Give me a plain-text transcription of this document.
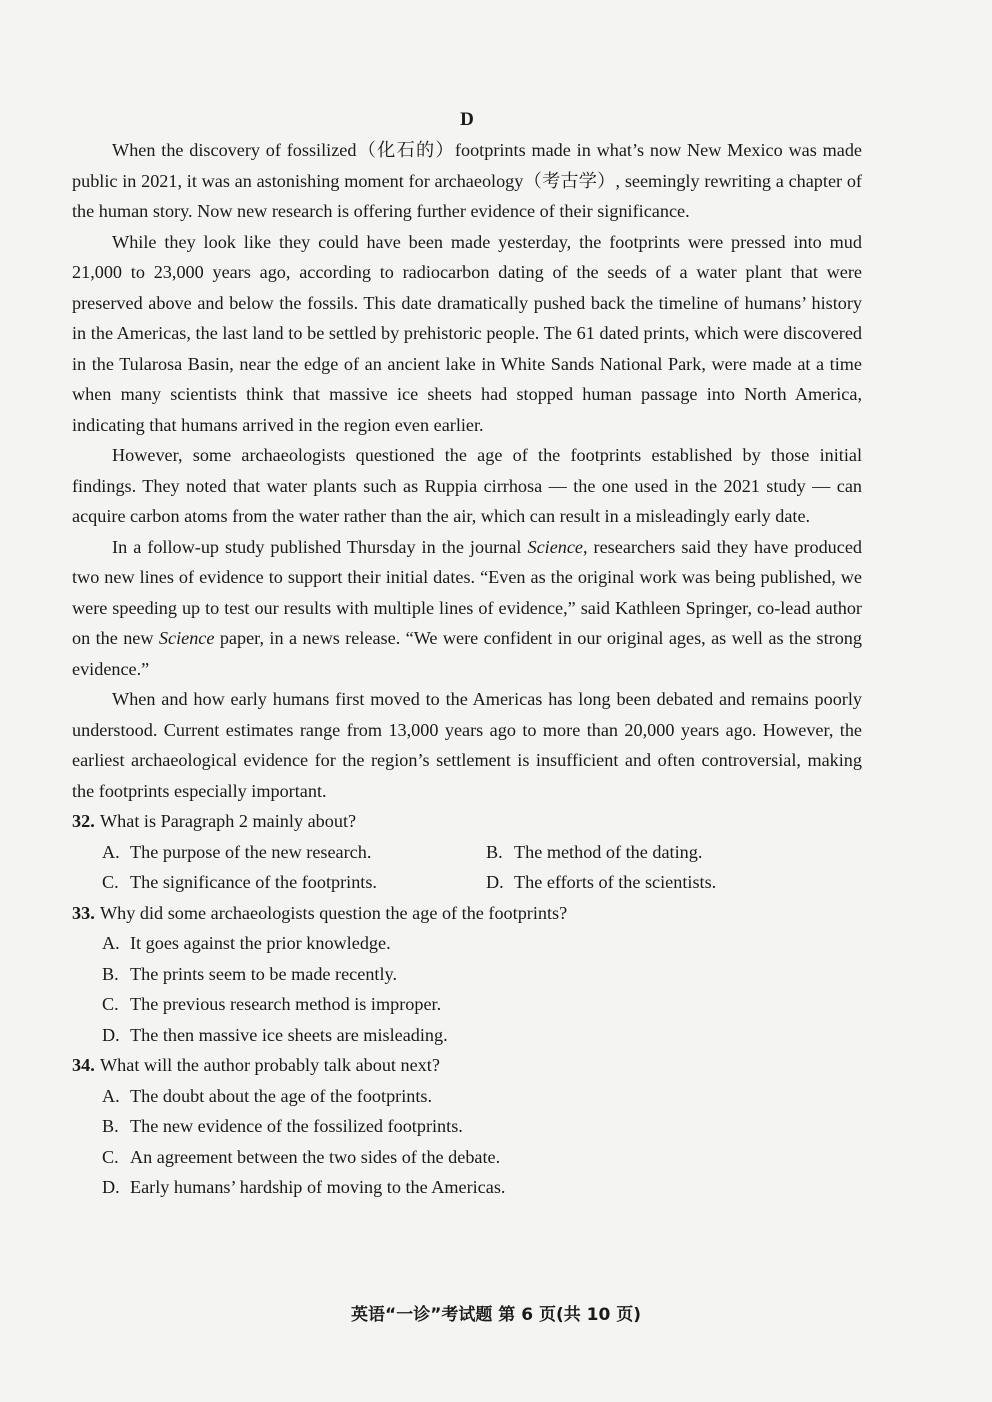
D

When the discovery of fossilized（化石的）footprints made in what’s now New Mexico was made public in 2021, it was an astonishing moment for archaeology（考古学）, seemingly rewriting a chapter of the human story. Now new research is offering further evidence of their significance.

While they look like they could have been made yesterday, the footprints were pressed into mud 21,000 to 23,000 years ago, according to radiocarbon dating of the seeds of a water plant that were preserved above and below the fossils. This date dramatically pushed back the timeline of humans’ history in the Americas, the last land to be settled by prehistoric people. The 61 dated prints, which were discovered in the Tularosa Basin, near the edge of an ancient lake in White Sands National Park, were made at a time when many scientists think that massive ice sheets had stopped human passage into North America, indicating that humans arrived in the region even earlier.

However, some archaeologists questioned the age of the footprints established by those initial findings. They noted that water plants such as Ruppia cirrhosa — the one used in the 2021 study — can acquire carbon atoms from the water rather than the air, which can result in a misleadingly early date.

In a follow-up study published Thursday in the journal Science, researchers said they have produced two new lines of evidence to support their initial dates. “Even as the original work was being published, we were speeding up to test our results with multiple lines of evidence,” said Kathleen Springer, co-lead author on the new Science paper, in a news release. “We were confident in our original ages, as well as the strong evidence.”

When and how early humans first moved to the Americas has long been debated and remains poorly understood. Current estimates range from 13,000 years ago to more than 20,000 years ago. However, the earliest archaeological evidence for the region’s settlement is insufficient and often controversial, making the footprints especially important.

32. What is Paragraph 2 mainly about?
A. The purpose of the new research.	B. The method of the dating.
C. The significance of the footprints.	D. The efforts of the scientists.
33. Why did some archaeologists question the age of the footprints?
A. It goes against the prior knowledge.
B. The prints seem to be made recently.
C. The previous research method is improper.
D. The then massive ice sheets are misleading.
34. What will the author probably talk about next?
A. The doubt about the age of the footprints.
B. The new evidence of the fossilized footprints.
C. An agreement between the two sides of the debate.
D. Early humans’ hardship of moving to the Americas.
英语“一诊”考试题 第 6 页(共 10 页)
